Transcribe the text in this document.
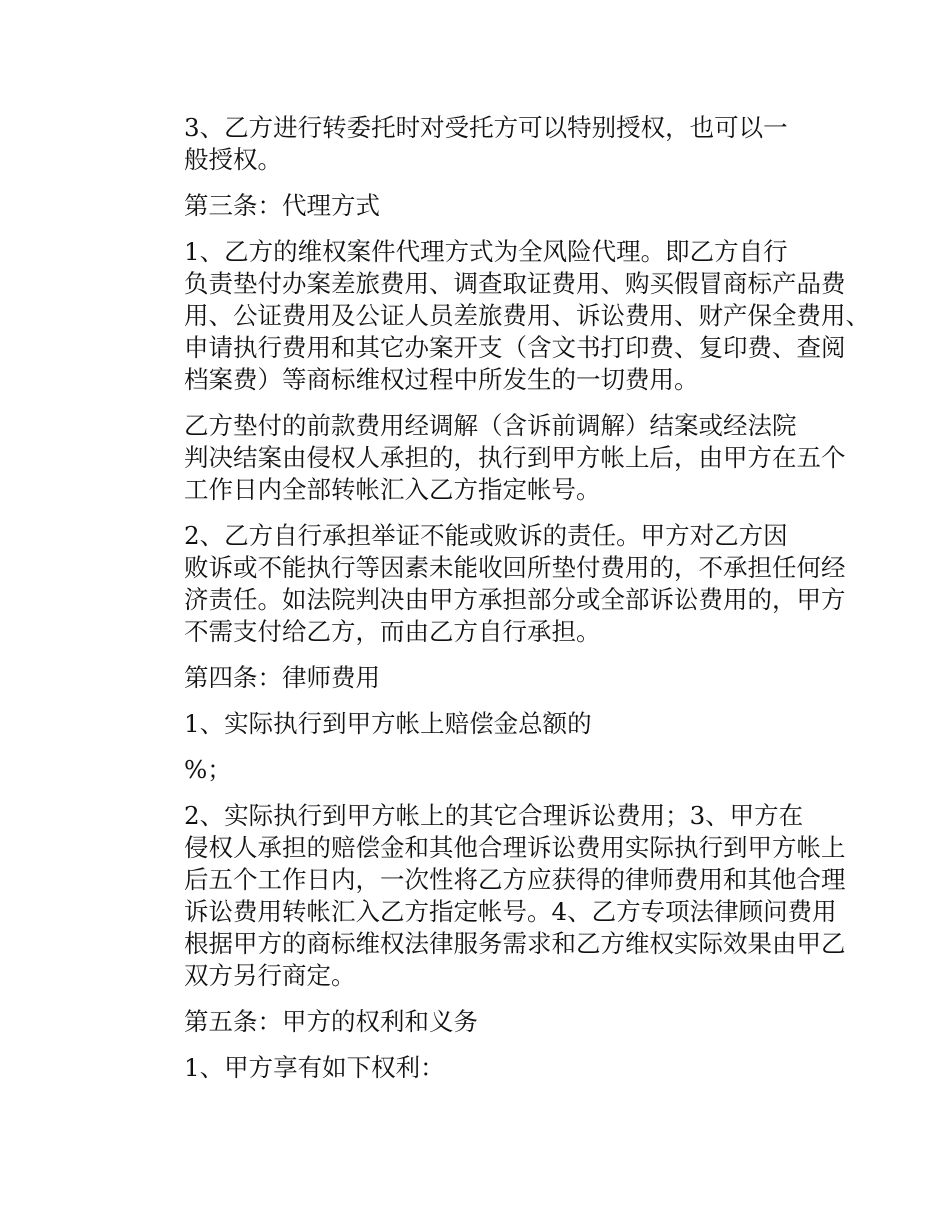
3、乙方进行转委托时对受托方可以特别授权，也可以一
般授权。

第三条：代理方式

1、乙方的维权案件代理方式为全风险代理。即乙方自行
负责垫付办案差旅费用、调查取证费用、购买假冒商标产品费
用、公证费用及公证人员差旅费用、诉讼费用、财产保全费用、
申请执行费用和其它办案开支（含文书打印费、复印费、查阅
档案费）等商标维权过程中所发生的一切费用。

乙方垫付的前款费用经调解（含诉前调解）结案或经法院
判决结案由侵权人承担的，执行到甲方帐上后，由甲方在五个
工作日内全部转帐汇入乙方指定帐号。

2、乙方自行承担举证不能或败诉的责任。甲方对乙方因
败诉或不能执行等因素未能收回所垫付费用的，不承担任何经
济责任。如法院判决由甲方承担部分或全部诉讼费用的，甲方
不需支付给乙方，而由乙方自行承担。

第四条：律师费用

1、实际执行到甲方帐上赔偿金总额的

%；

2、实际执行到甲方帐上的其它合理诉讼费用；3、甲方在
侵权人承担的赔偿金和其他合理诉讼费用实际执行到甲方帐上
后五个工作日内，一次性将乙方应获得的律师费用和其他合理
诉讼费用转帐汇入乙方指定帐号。4、乙方专项法律顾问费用
根据甲方的商标维权法律服务需求和乙方维权实际效果由甲乙
双方另行商定。

第五条：甲方的权利和义务

1、甲方享有如下权利：
